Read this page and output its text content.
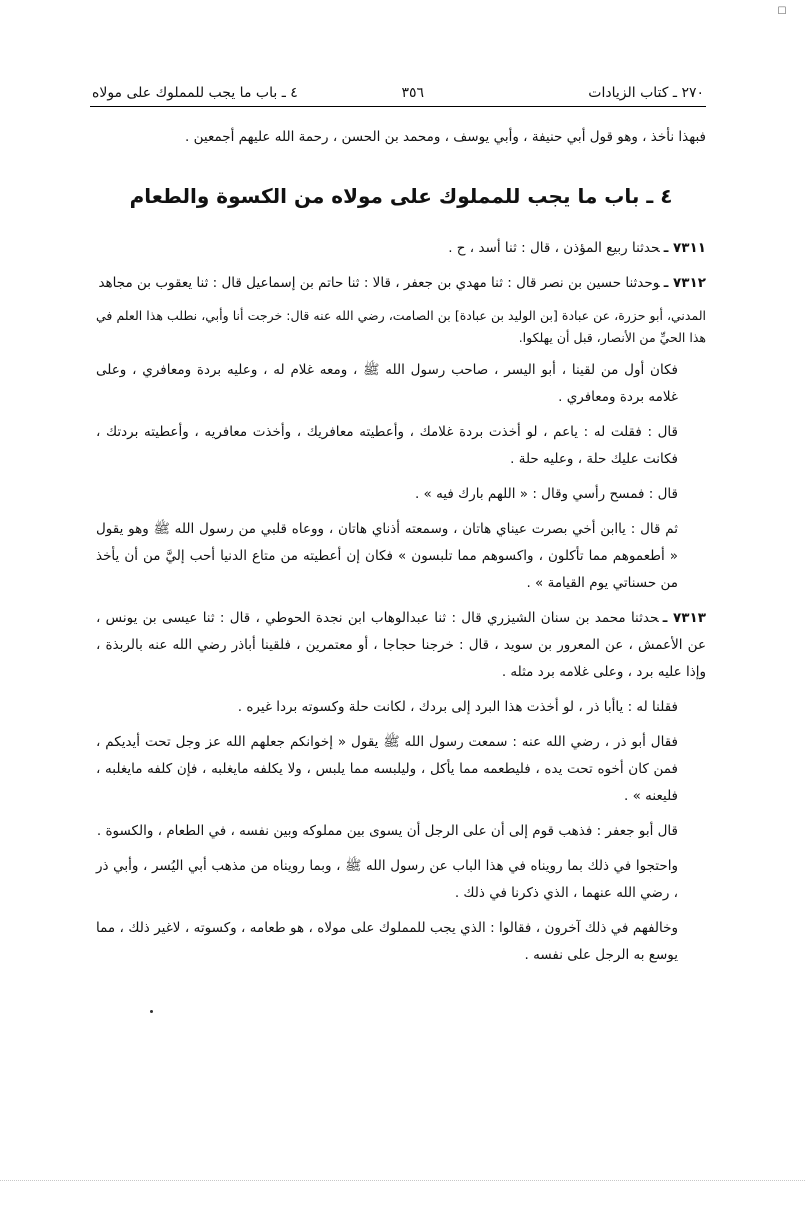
☐
٢٧٠ ـ كتاب الزيادات
٣٥٦
٤ ـ باب ما يجب للمملوك على مولاه

فبهذا نأخذ ، وهو قول أبي حنيفة ، وأبي يوسف ، ومحمد بن الحسن ، رحمة الله عليهم أجمعين .

٤ ـ باب ما يجب للمملوك على مولاه من الكسوة والطعام

٧٣١١ ـحدثنا ربيع المؤذن ، قال : ثنا أسد ، ح .

٧٣١٢ ـوحدثنا حسين بن نصر قال : ثنا مهدي بن جعفر ، قالا : ثنا حاتم بن إسماعيل قال : ثنا يعقوب بن مجاهد

المدني، أبو حزرة، عن عبادة [بن الوليد بن عبادة] بن الصامت، رضي الله عنه قال: خرجت أنا وأبي، نطلب هذا العلم في هذا الحيِّ من الأنصار، قبل أن يهلكوا.

فكان أول من لقينا ، أبو اليسر ، صاحب رسول الله ﷺ ، ومعه غلام له ، وعليه بردة ومعافري ، وعلى غلامه بردة ومعافري .

قال : فقلت له : ياعم ، لو أخذت بردة غلامك ، وأعطيته معافريك ، وأخذت معافريه ، وأعطيته بردتك ، فكانت عليك حلة ، وعليه حلة .

قال : فمسح رأسي وقال : « اللهم بارك فيه » .

ثم قال : ياابن أخي بصرت عيناي هاتان ، وسمعته أذناي هاتان ، ووعاه قلبي من رسول الله ﷺ وهو يقول « أطعموهم مما تأكلون ، واكسوهم مما تلبسون » فكان إن أعطيته من متاع الدنيا أحب إليَّ من أن يأخذ من حسناتي يوم القيامة » .

٧٣١٣ ـحدثنا محمد بن سنان الشيزري قال : ثنا عبدالوهاب ابن نجدة الحوطي ، قال : ثنا عيسى بن يونس ، عن الأعمش ، عن المعرور بن سويد ، قال : خرجنا حجاجا ، أو معتمرين ، فلقينا أباذر رضي الله عنه بالربذة ، وإذا عليه برد ، وعلى غلامه برد مثله .

فقلنا له : ياأبا ذر ، لو أخذت هذا البرد إلى بردك ، لكانت حلة وكسوته بردا غيره .

فقال أبو ذر ، رضي الله عنه : سمعت رسول الله ﷺ يقول « إخوانكم جعلهم الله عز وجل تحت أيديكم ، فمن كان أخوه تحت يده ، فليطعمه مما يأكل ، وليلبسه مما يلبس ، ولا يكلفه مايغلبه ، فإن كلفه مايغلبه ، فليعنه » .

قال أبو جعفر : فذهب قوم إلى أن على الرجل أن يسوى بين مملوكه وبين نفسه ، في الطعام ، والكسوة .

واحتجوا في ذلك بما رويناه في هذا الباب عن رسول الله ﷺ ، وبما رويناه من مذهب أبي اليُسر ، وأبي ذر ، رضي الله عنهما ، الذي ذكرنا في ذلك .

وخالفهم في ذلك آخرون ، فقالوا : الذي يجب للمملوك على مولاه ، هو طعامه ، وكسوته ، لاغير ذلك ، مما يوسع به الرجل على نفسه .
